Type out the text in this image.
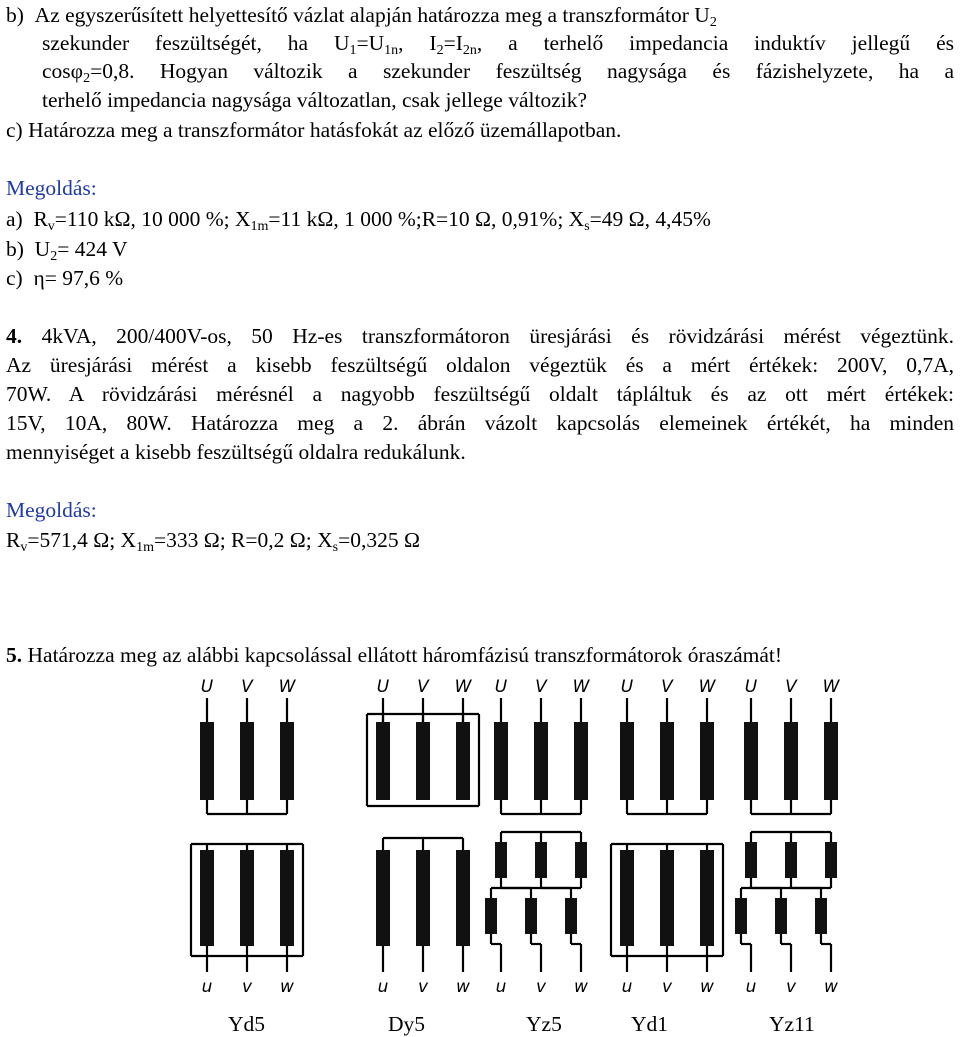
b) Az egyszerűsített helyettesítő vázlat alapján határozza meg a transzformátor $U_2$
szekunder feszültségét, ha $U_1=U_{1n}$, $I_2=I_{2n}$, a terhelő impedancia induktív jellegű és
cosφ$_2$=0,8. Hogyan változik a szekunder feszültség nagysága és fázishelyzete, ha a
terhelő impedancia nagysága változatlan, csak jellege változik?
c) Határozza meg a transzformátor hatásfokát az előző üzemállapotban.
Megoldás:
a) $R_v=110$ kΩ, 10 000 %; $X_{1m}=11$ kΩ, 1 000 %;R=10 Ω, 0,91%; $X_s=49$ Ω, 4,45%
b) $U_2= 424$ V
c) η= 97,6 %
4. 4kVA, 200/400V-os, 50 Hz-es transzformátoron üresjárási és rövidzárási mérést végeztünk.
Az üresjárási mérést a kisebb feszültségű oldalon végeztük és a mért értékek: 200V, 0,7A,
70W. A rövidzárási mérésnél a nagyobb feszültségű oldalt tápláltuk és az ott mért értékek:
15V, 10A, 80W. Határozza meg a 2. ábrán vázolt kapcsolás elemeinek értékét, ha minden
mennyiséget a kisebb feszültségű oldalra redukálunk.
Megoldás:
$R_v=571,4$ Ω; $X_{1m}=333$ Ω; R=0,2 Ω; $X_s=0,325$ Ω
5. Határozza meg az alábbi kapcsolással ellátott háromfázisú transzformátorok óraszámát!
U V W
u v w
U V W
u v w
U V W
u v w
U V W
u v w
U V W
u v w
Yd5	Dy5	Yz5	Yd1	Yz11
